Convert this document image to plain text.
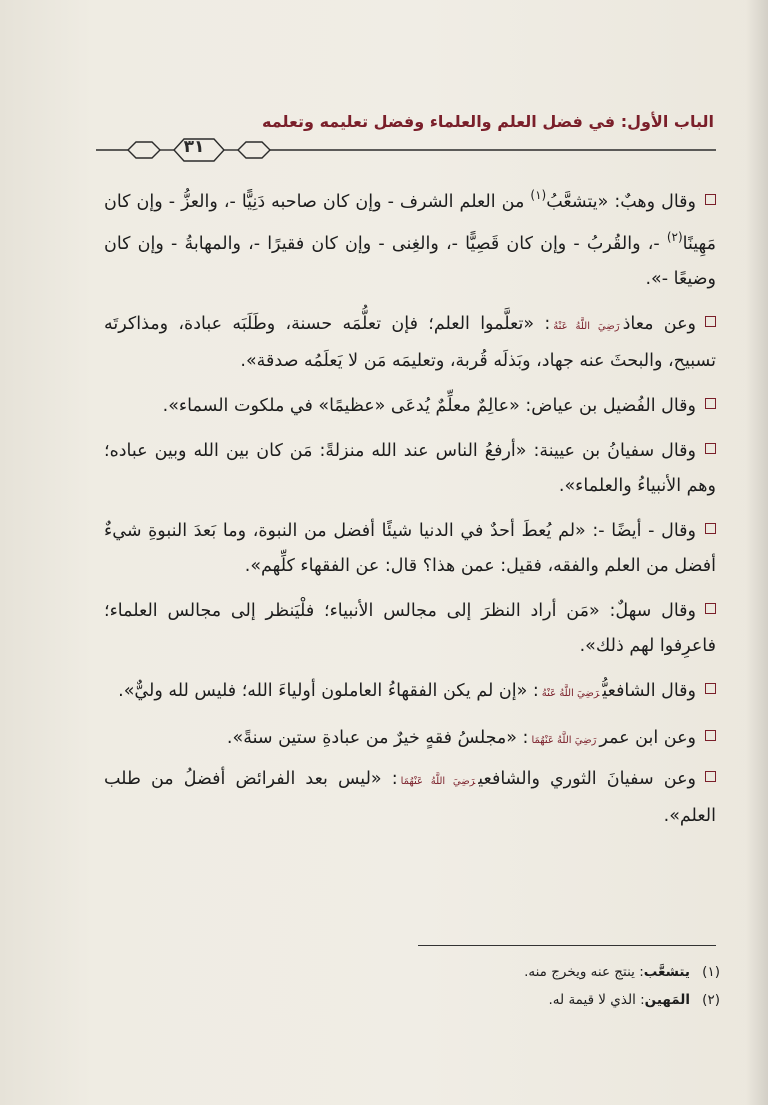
الباب الأول: في فضل العلم والعلماء وفضل تعليمه وتعلمه
٣١

وقال وهبٌ: «يتشعَّبُ$^{(١)}$ من العلم الشرف - وإن كان صاحبه دَنِيًّا -، والعزُّ - وإن كان مَهِينًا$^{(٢)}$ -، والقُربُ - وإن كان قَصِيًّا -، والغِنى - وإن كان فقيرًا -، والمهابةُ - وإن كان وضيعًا -».

وعن معاذرَضِيَ اللَّهُ عَنْهُ: «تعلَّموا العلم؛ فإن تعلُّمَه حسنة، وطَلَبَه عبادة، ومذاكرتَه تسبيح، والبحثَ عنه جهاد، وبَذلَه قُربة، وتعليمَه مَن لا يَعلَمُه صدقة».

وقال الفُضيل بن عياض: «عالِمٌ معلِّمٌ يُدعَى «عظيمًا» في ملكوت السماء».

وقال سفيانُ بن عيينة: «أرفعُ الناس عند الله منزلةً: مَن كان بين الله وبين عباده؛ وهم الأنبياءُ والعلماء».

وقال - أيضًا -: «لم يُعطَ أحدٌ في الدنيا شيئًا أفضل من النبوة، وما بَعدَ النبوةِ شيءٌ أفضل من العلم والفقه، فقيل: عمن هذا؟ قال: عن الفقهاء كلِّهم».

وقال سهلٌ: «مَن أراد النظرَ إلى مجالس الأنبياء؛ فلْيَنظر إلى مجالس العلماء؛ فاعرِفوا لهم ذلك».

وقال الشافعيُّرَضِيَ اللَّهُ عَنْهُ: «إن لم يكن الفقهاءُ العاملون أولياءَ الله؛ فليس لله وليٌّ».

وعن ابن عمررَضِيَ اللَّهُ عَنْهُمَا: «مجلسُ فقهٍ خيرٌ من عبادةِ ستين سنةً».

وعن سفيانَ الثوري والشافعيرَضِيَ اللَّهُ عَنْهُمَا: «ليس بعد الفرائض أفضلُ من طلب العلم».

(١)يتشعَّب: ينتج عنه ويخرج منه.
(٢)المَهين: الذي لا قيمة له.
